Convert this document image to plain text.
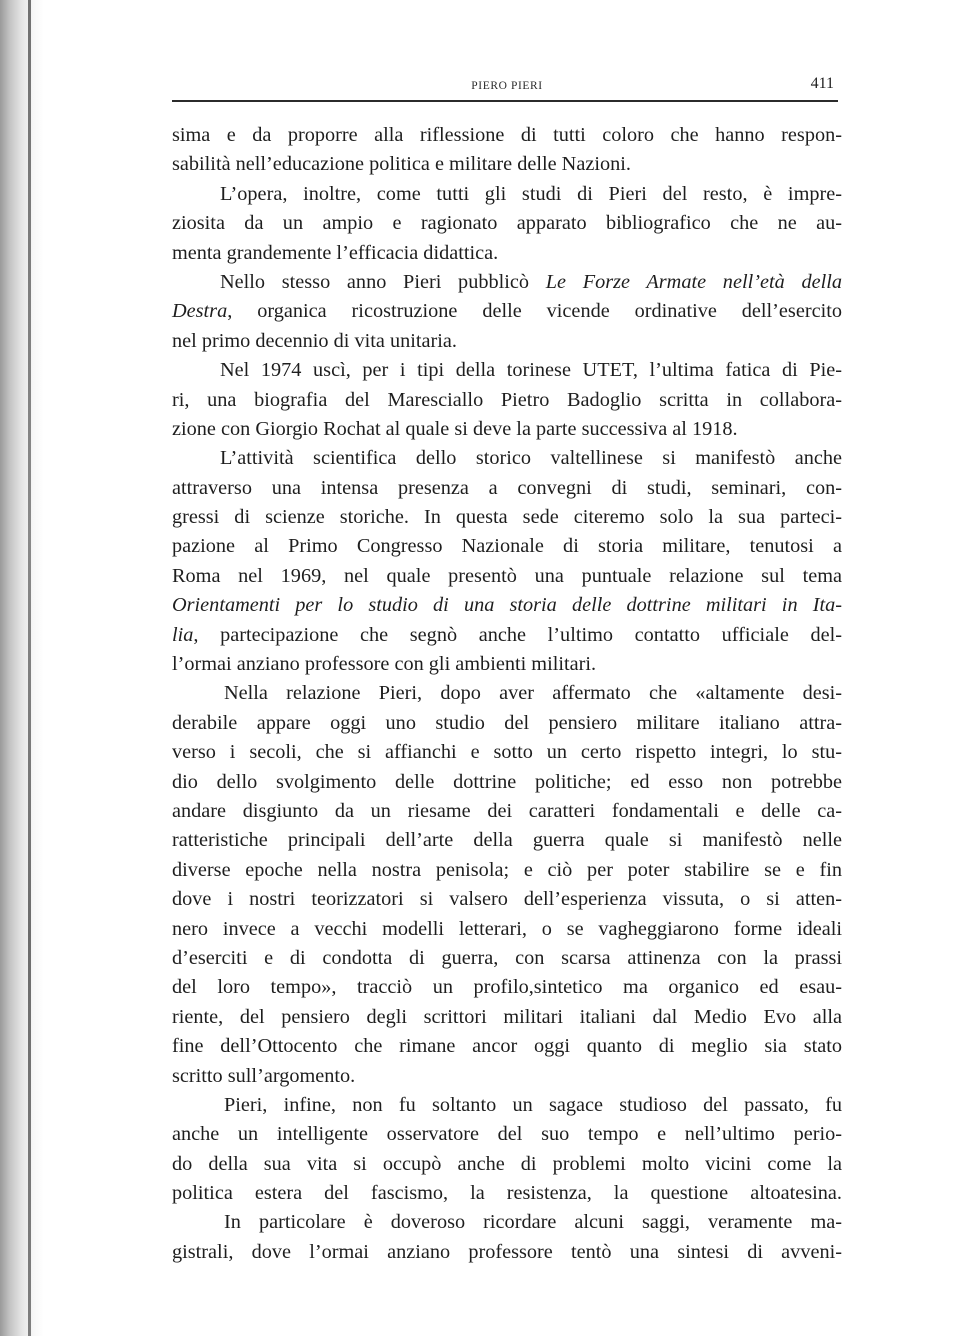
PIERO PIERI	411
sima e da proporre alla riflessione di tutti coloro che hanno respon-
sabilità nell’educazione politica e militare delle Nazioni.
L’opera, inoltre, come tutti gli studi di Pieri del resto, è impre-
ziosita da un ampio e ragionato apparato bibliografico che ne au-
menta grandemente l’efficacia didattica.
Nello stesso anno Pieri pubblicò Le Forze Armate nell’età della
Destra, organica ricostruzione delle vicende ordinative dell’esercito
nel primo decennio di vita unitaria.
Nel 1974 uscì, per i tipi della torinese UTET, l’ultima fatica di Pie-
ri, una biografia del Maresciallo Pietro Badoglio scritta in collabora-
zione con Giorgio Rochat al quale si deve la parte successiva al 1918.
L’attività scientifica dello storico valtellinese si manifestò anche
attraverso una intensa presenza a convegni di studi, seminari, con-
gressi di scienze storiche. In questa sede citeremo solo la sua parteci-
pazione al Primo Congresso Nazionale di storia militare, tenutosi a
Roma nel 1969, nel quale presentò una puntuale relazione sul tema
Orientamenti per lo studio di una storia delle dottrine militari in Ita-
lia, partecipazione che segnò anche l’ultimo contatto ufficiale del-
l’ormai anziano professore con gli ambienti militari.
Nella relazione Pieri, dopo aver affermato che «altamente desi-
derabile appare oggi uno studio del pensiero militare italiano attra-
verso i secoli, che si affianchi e sotto un certo rispetto integri, lo stu-
dio dello svolgimento delle dottrine politiche; ed esso non potrebbe
andare disgiunto da un riesame dei caratteri fondamentali e delle ca-
ratteristiche principali dell’arte della guerra quale si manifestò nelle
diverse epoche nella nostra penisola; e ciò per poter stabilire se e fin
dove i nostri teorizzatori si valsero dell’esperienza vissuta, o si atten-
nero invece a vecchi modelli letterari, o se vagheggiarono forme ideali
d’eserciti e di condotta di guerra, con scarsa attinenza con la prassi
del loro tempo», tracciò un profilo,sintetico ma organico ed esau-
riente, del pensiero degli scrittori militari italiani dal Medio Evo alla
fine dell’Ottocento che rimane ancor oggi quanto di meglio sia stato
scritto sull’argomento.
Pieri, infine, non fu soltanto un sagace studioso del passato, fu
anche un intelligente osservatore del suo tempo e nell’ultimo perio-
do della sua vita si occupò anche di problemi molto vicini come la
politica estera del fascismo, la resistenza, la questione altoatesina.
In particolare è doveroso ricordare alcuni saggi, veramente ma-
gistrali, dove l’ormai anziano professore tentò una sintesi di avveni-
